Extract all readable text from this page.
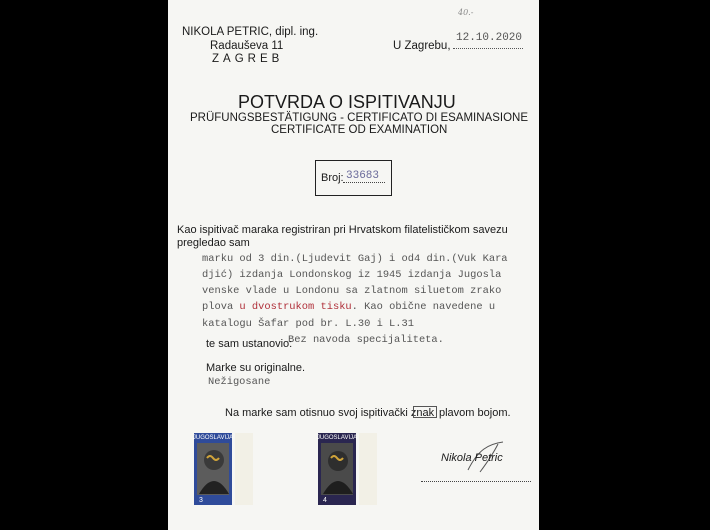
40.-
NIKOLA PETRIC, dipl. ing.
Radauševa 11
ZAGREB
U Zagrebu,
12.10.2020
POTVRDA O ISPITIVANJU
PRÜFUNGSBESTÄTIGUNG - CERTIFICATO DI ESAMINASIONE
CERTIFICATE OD EXAMINATION
Broj: 33683
Kao ispitivač maraka registriran pri Hrvatskom filatelističkom savezu
pregledao sam
marku od 3 din.(Ljudevit Gaj) i od4 din.(Vuk Kara
djić) izdanja Londonskog iz 1945 izdanja Jugosla
venske vlade u Londonu sa zlatnom siluetom zrako
plova u dvostrukom tisku. Kao obične navedene u
katalogu Šafar pod br. L.30 i L.31
Bez navoda specijaliteta.
te sam ustanovio:
Marke su originalne.
Nežigosane
Na marke sam otisnuo svoj ispitivački znak plavom bojom.
Nikola Petric
JUGOSLAVIJA
3
JUGOSLAVIJA
4
